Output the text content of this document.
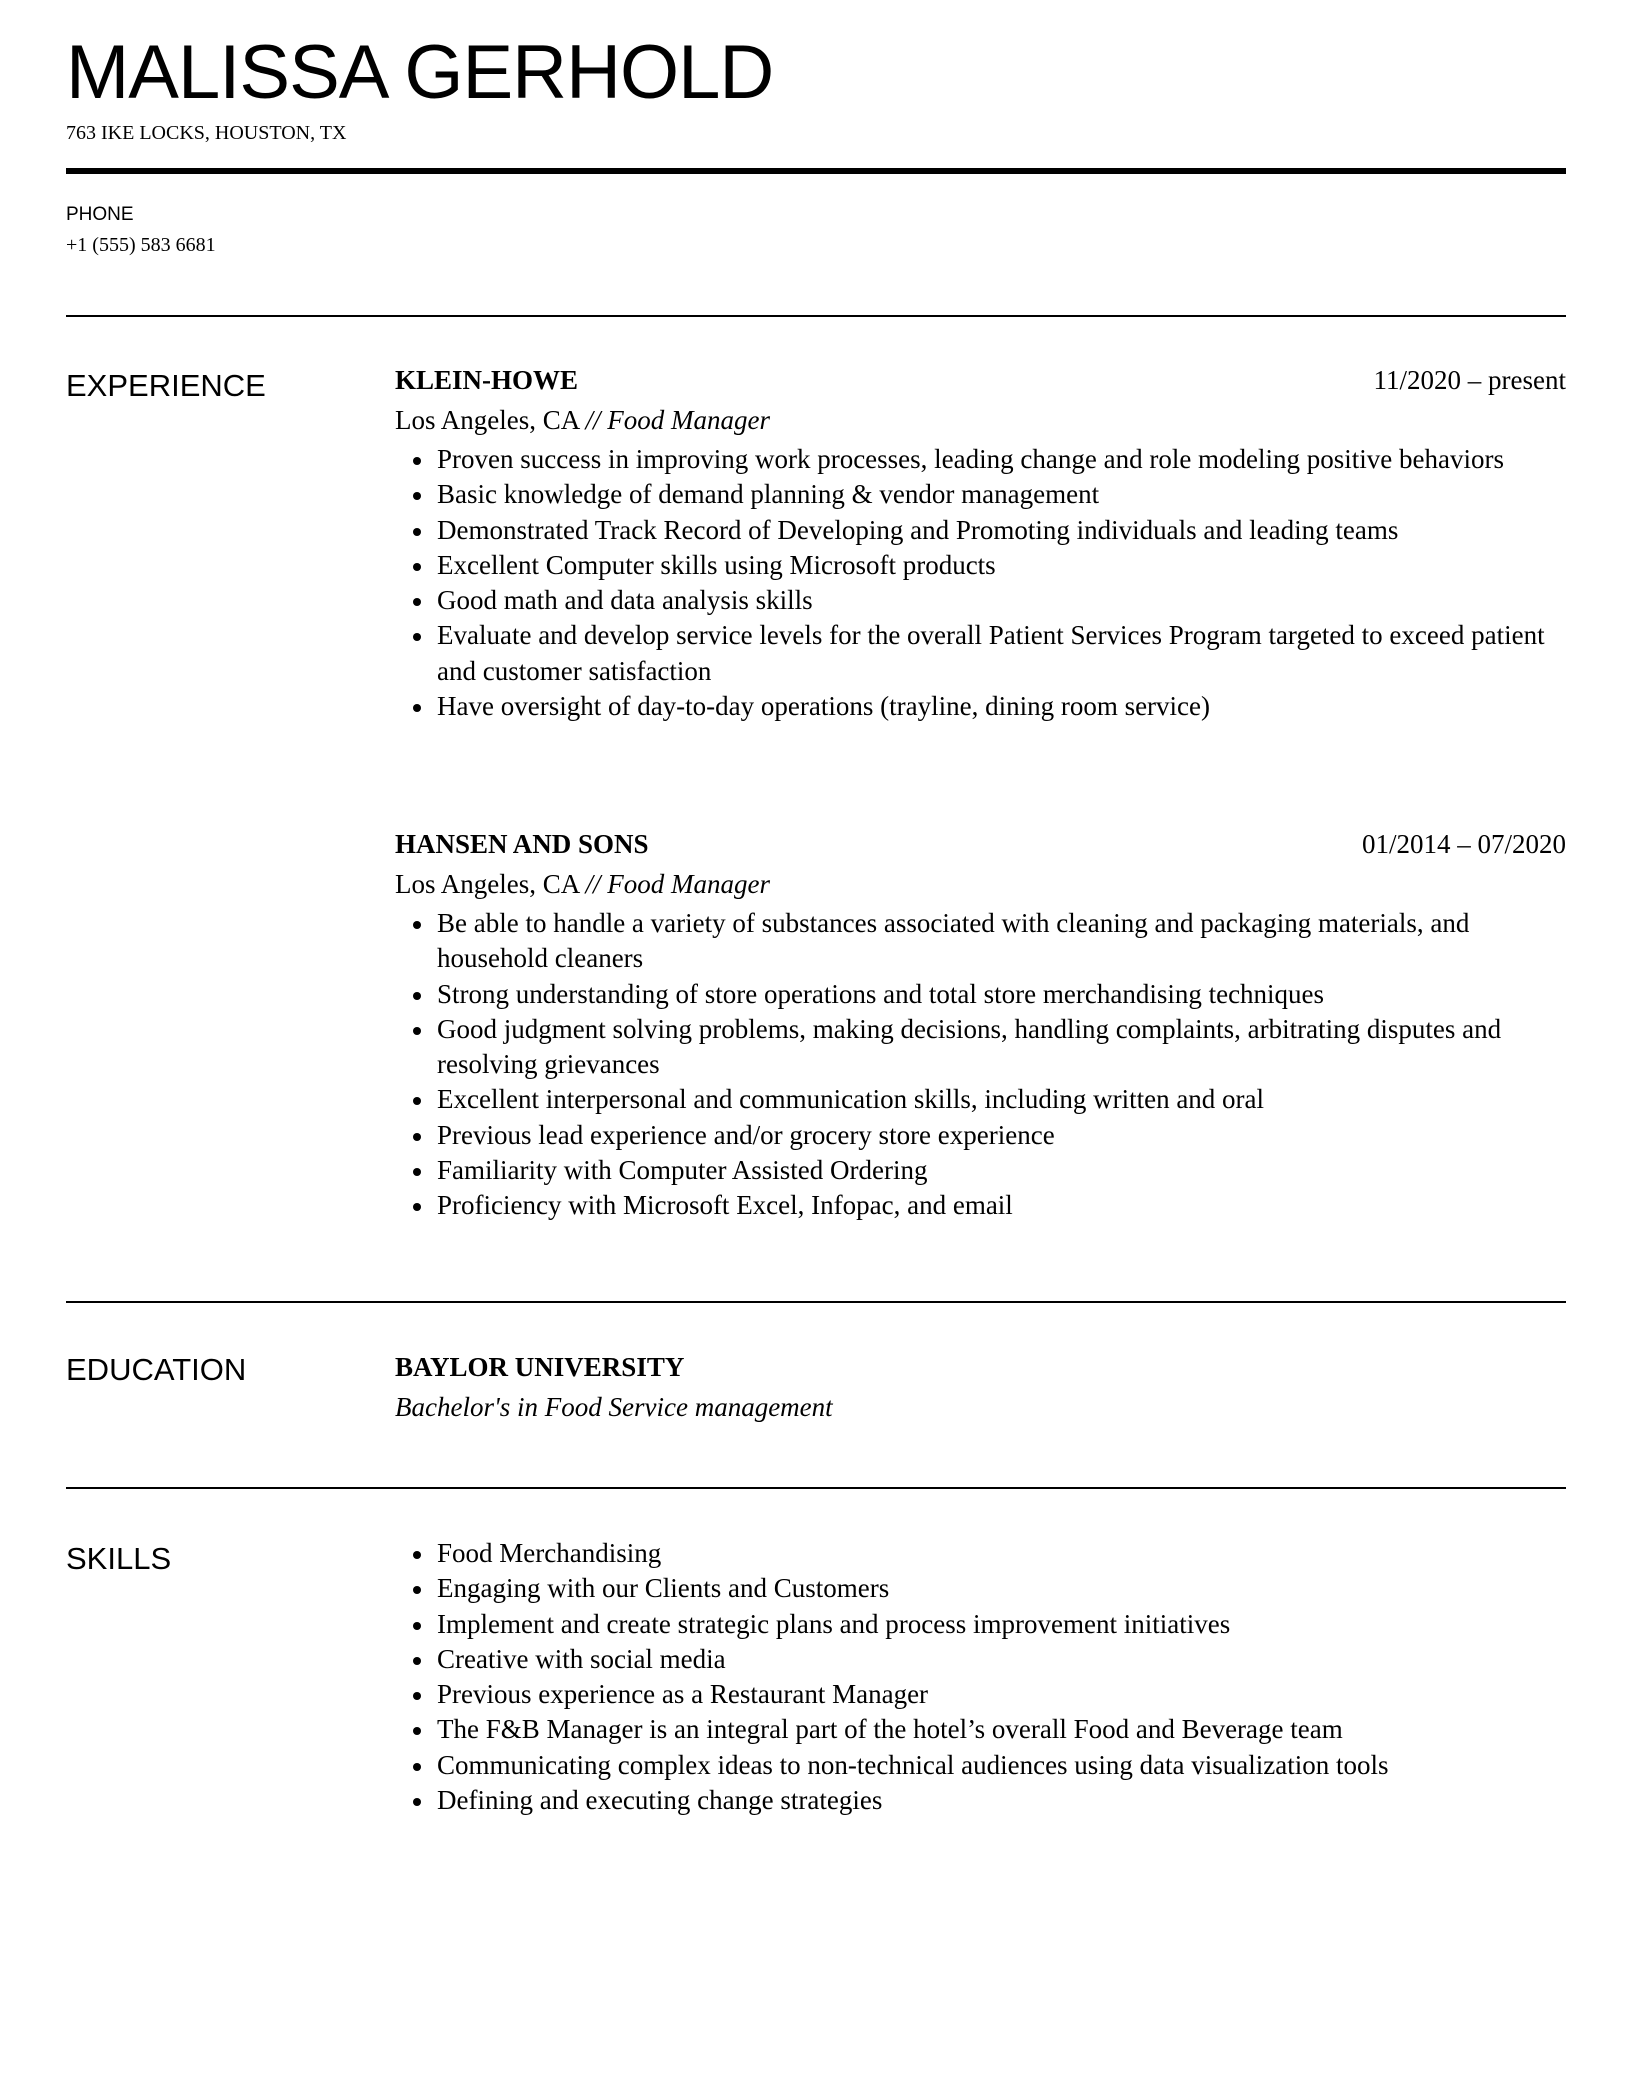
MALISSA GERHOLD
763 IKE LOCKS, HOUSTON, TX
PHONE
+1 (555) 583 6681
EXPERIENCE	KLEIN-HOWE	11/2020 – present
Los Angeles, CA // Food Manager
Proven success in improving work processes, leading change and role modeling positive behaviors
Basic knowledge of demand planning & vendor management
Demonstrated Track Record of Developing and Promoting individuals and leading teams
Excellent Computer skills using Microsoft products
Good math and data analysis skills
Evaluate and develop service levels for the overall Patient Services Program targeted to exceed patient and customer satisfaction
Have oversight of day-to-day operations (trayline, dining room service)
HANSEN AND SONS	01/2014 – 07/2020
Los Angeles, CA // Food Manager
Be able to handle a variety of substances associated with cleaning and packaging materials, and household cleaners
Strong understanding of store operations and total store merchandising techniques
Good judgment solving problems, making decisions, handling complaints, arbitrating disputes and resolving grievances
Excellent interpersonal and communication skills, including written and oral
Previous lead experience and/or grocery store experience
Familiarity with Computer Assisted Ordering
Proficiency with Microsoft Excel, Infopac, and email
EDUCATION	BAYLOR UNIVERSITY
Bachelor's in Food Service management
SKILLS	Food Merchandising
Engaging with our Clients and Customers
Implement and create strategic plans and process improvement initiatives
Creative with social media
Previous experience as a Restaurant Manager
The F&B Manager is an integral part of the hotel’s overall Food and Beverage team
Communicating complex ideas to non-technical audiences using data visualization tools
Defining and executing change strategies
